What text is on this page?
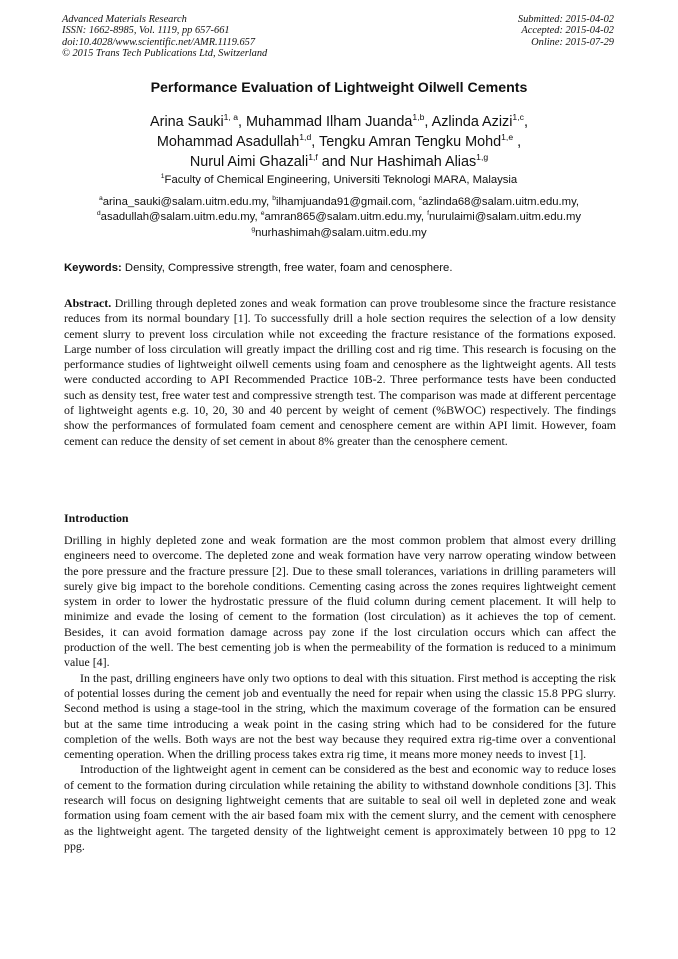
Advanced Materials Research
ISSN: 1662-8985, Vol. 1119, pp 657-661
doi:10.4028/www.scientific.net/AMR.1119.657
© 2015 Trans Tech Publications Ltd, Switzerland
Submitted: 2015-04-02
Accepted: 2015-04-02
Online: 2015-07-29
Performance Evaluation of Lightweight Oilwell Cements
Arina Sauki$^{1, a}$, Muhammad Ilham Juanda$^{1,b}$, Azlinda Azizi$^{1,c}$,
Mohammad Asadullah$^{1,d}$, Tengku Amran Tengku Mohd$^{1,e}$ ,
Nurul Aimi Ghazali$^{1,f}$ and Nur Hashimah Alias$^{1,g}$
$^1$Faculty of Chemical Engineering, Universiti Teknologi MARA, Malaysia
$^a$arina_sauki@salam.uitm.edu.my, $^b$ilhamjuanda91@gmail.com, $^c$azlinda68@salam.uitm.edu.my,
$^d$asadullah@salam.uitm.edu.my, $^e$amran865@salam.uitm.edu.my, $^f$nurulaimi@salam.uitm.edu.my
$^g$nurhashimah@salam.uitm.edu.my
Keywords: Density, Compressive strength, free water, foam and cenosphere.
Abstract. Drilling through depleted zones and weak formation can prove troublesome since the fracture resistance reduces from its normal boundary [1]. To successfully drill a hole section requires the selection of a low density cement slurry to prevent loss circulation while not exceeding the fracture resistance of the formations exposed. Large number of loss circulation will greatly impact the drilling cost and rig time. This research is focusing on the performance studies of lightweight oilwell cements using foam and cenosphere as the lightweight agents. All tests were conducted according to API Recommended Practice 10B-2. Three performance tests have been conducted such as density test, free water test and compressive strength test. The comparison was made at different percentage of lightweight agents e.g. 10, 20, 30 and 40 percent by weight of cement (%BWOC) respectively. The findings show the performances of formulated foam cement and cenosphere cement are within API limit. However, foam cement can reduce the density of set cement in about 8% greater than the cenosphere cement.
Introduction

Drilling in highly depleted zone and weak formation are the most common problem that almost every drilling engineers need to overcome. The depleted zone and weak formation have very narrow operating window between the pore pressure and the fracture pressure [2]. Due to these small tolerances, variations in drilling parameters will surely give big impact to the borehole conditions. Cementing casing across the zones requires lightweight cement system in order to lower the hydrostatic pressure of the fluid column during cement placement. It will help to minimize and evade the losing of cement to the formation (lost circulation) as it achieves the top of cement. Besides, it can avoid formation damage across pay zone if the lost circulation occurs which can affect the production of the well. The best cementing job is when the permeability of the formation is reduced to a minimum value [4].

In the past, drilling engineers have only two options to deal with this situation. First method is accepting the risk of potential losses during the cement job and eventually the need for repair when using the classic 15.8 PPG slurry. Second method is using a stage-tool in the string, which the maximum coverage of the formation can be ensured but at the same time introducing a weak point in the casing string which had to be considered for the future completion of the wells. Both ways are not the best way because they required extra rig-time over a conventional cementing operation. When the drilling process takes extra rig time, it means more money needs to invest [1].

Introduction of the lightweight agent in cement can be considered as the best and economic way to reduce loses of cement to the formation during circulation while retaining the ability to withstand downhole conditions [3]. This research will focus on designing lightweight cements that are suitable to seal oil well in depleted zone and weak formation using foam cement with the air based foam mix with the cement slurry, and the cement with cenosphere as the lightweight agent. The targeted density of the lightweight cement is approximately between 10 ppg to 12 ppg.
